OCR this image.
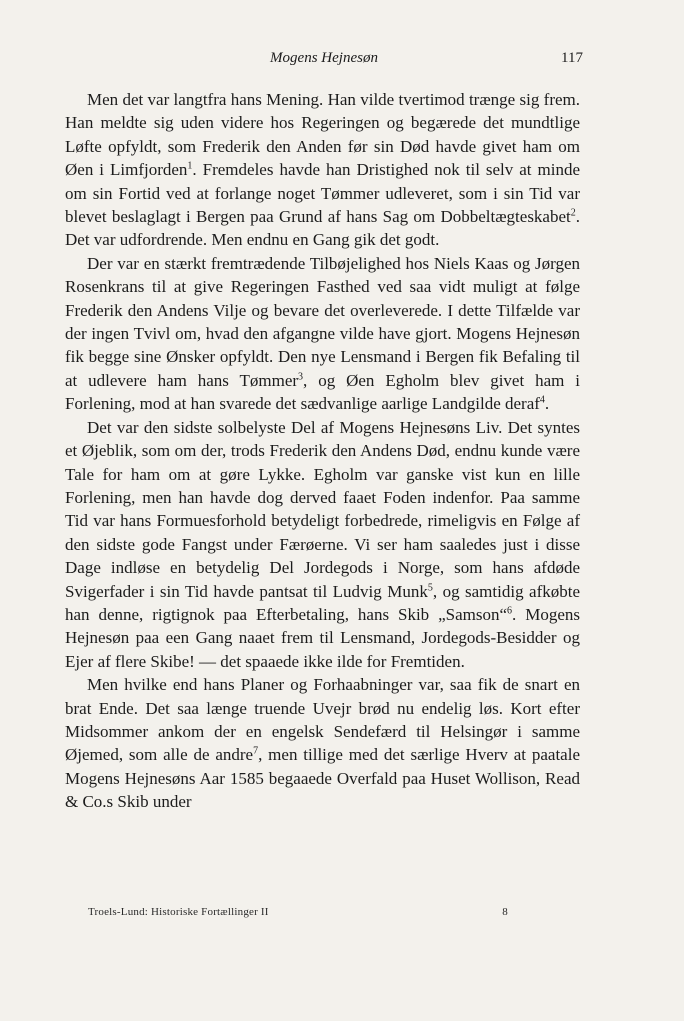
Mogens Hejnesøn	117

Men det var langtfra hans Mening. Han vilde tvertimod trænge sig frem. Han meldte sig uden videre hos Regeringen og begærede det mundtlige Løfte opfyldt, som Frederik den Anden før sin Død havde givet ham om Øen i Limfjorden$^1$. Fremdeles havde han Dristighed nok til selv at minde om sin Fortid ved at forlange noget Tømmer udleveret, som i sin Tid var blevet beslaglagt i Bergen paa Grund af hans Sag om Dobbeltægteskabet$^2$. Det var udfordrende. Men endnu en Gang gik det godt.

Der var en stærkt fremtrædende Tilbøjelighed hos Niels Kaas og Jørgen Rosenkrans til at give Regeringen Fasthed ved saa vidt muligt at følge Frederik den Andens Vilje og bevare det overleverede. I dette Tilfælde var der ingen Tvivl om, hvad den afgangne vilde have gjort. Mogens Hejnesøn fik begge sine Ønsker opfyldt. Den nye Lensmand i Bergen fik Befaling til at udlevere ham hans Tømmer$^3$, og Øen Egholm blev givet ham i Forlening, mod at han svarede det sædvanlige aarlige Landgilde deraf$^4$.

Det var den sidste solbelyste Del af Mogens Hejnesøns Liv. Det syntes et Øjeblik, som om der, trods Frederik den Andens Død, endnu kunde være Tale for ham om at gøre Lykke. Egholm var ganske vist kun en lille Forlening, men han havde dog derved faaet Foden indenfor. Paa samme Tid var hans Formuesforhold betydeligt forbedrede, rimeligvis en Følge af den sidste gode Fangst under Færøerne. Vi ser ham saaledes just i disse Dage indløse en betydelig Del Jordegods i Norge, som hans afdøde Svigerfader i sin Tid havde pantsat til Ludvig Munk$^5$, og samtidig afkøbte han denne, rigtignok paa Efterbetaling, hans Skib „Samson“$^6$. Mogens Hejnesøn paa een Gang naaet frem til Lensmand, Jordegods-Besidder og Ejer af flere Skibe! — det spaaede ikke ilde for Fremtiden.

Men hvilke end hans Planer og Forhaabninger var, saa fik de snart en brat Ende. Det saa længe truende Uvejr brød nu endelig løs. Kort efter Midsommer ankom der en engelsk Sendefærd til Helsingør i samme Øjemed, som alle de andre$^7$, men tillige med det særlige Hverv at paatale Mogens Hejnesøns Aar 1585 begaaede Overfald paa Huset Wollison, Read & Co.s Skib under

Troels-Lund: Historiske Fortællinger II	8
